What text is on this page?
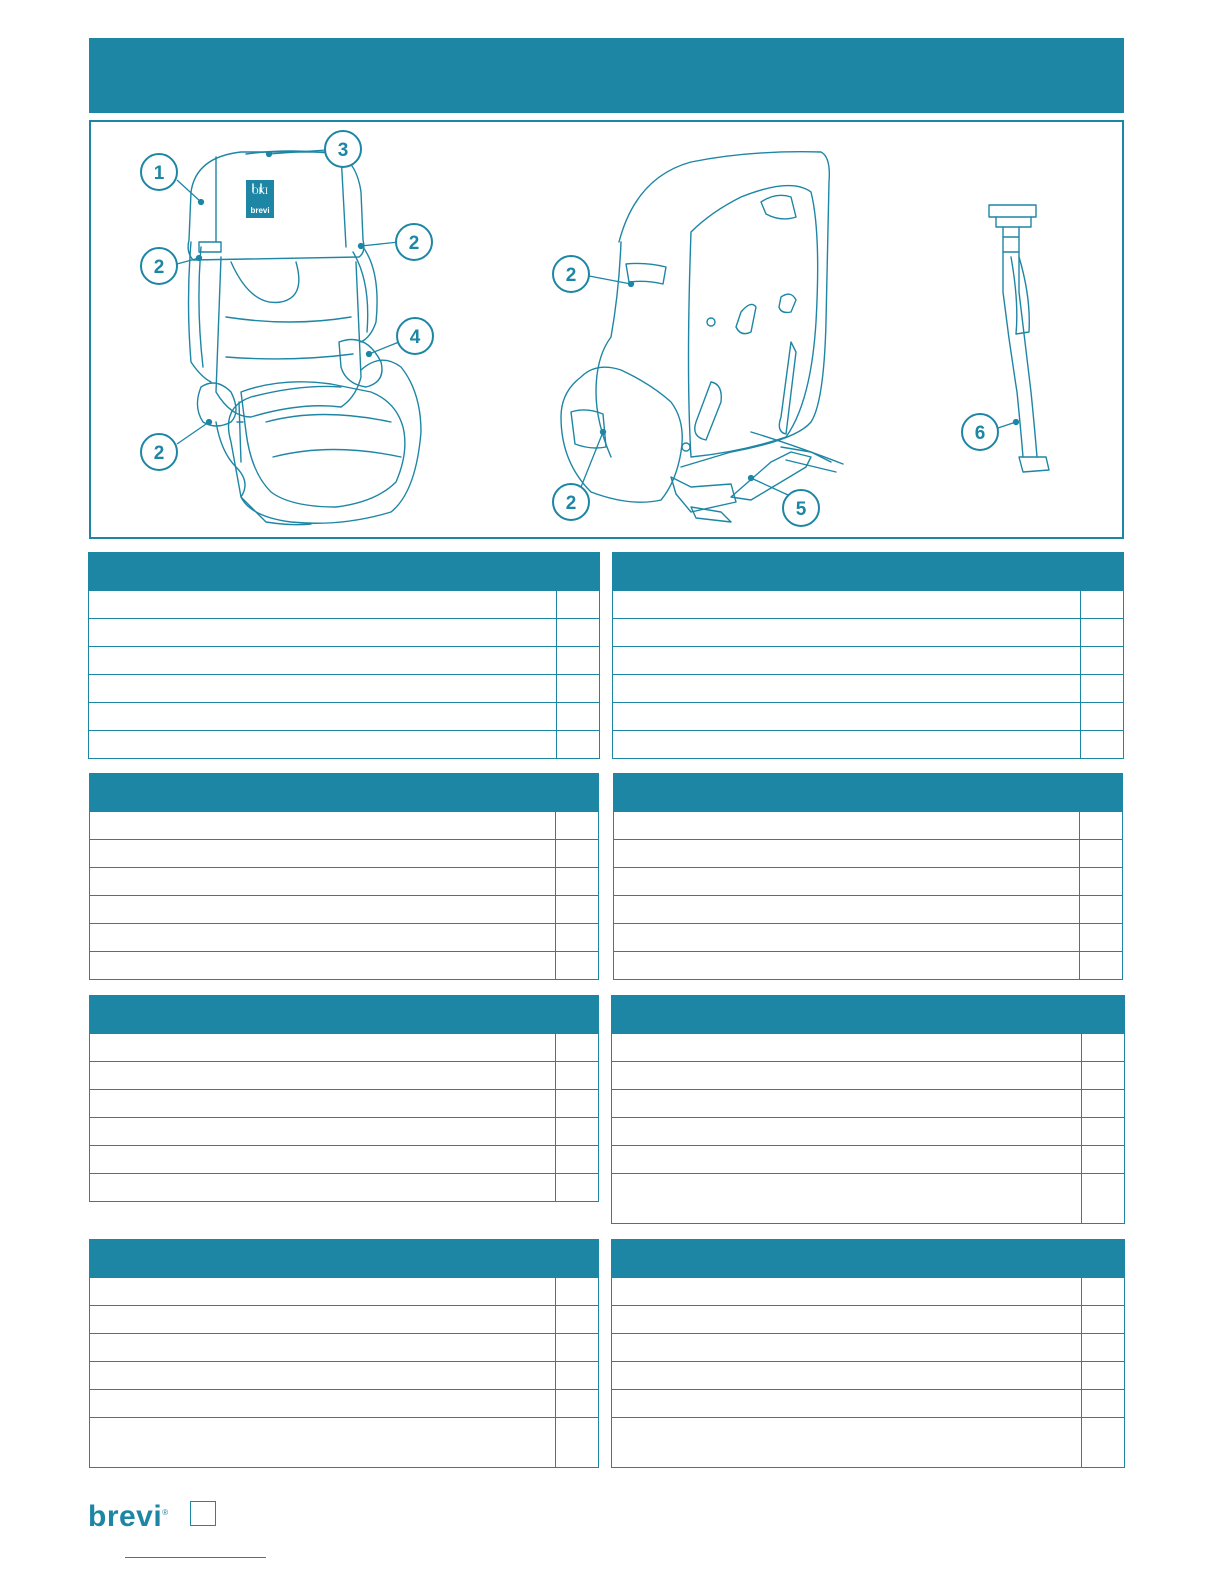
1
2
3
2
4
2
2
2	5
6
OKI
brevi
brevi®
